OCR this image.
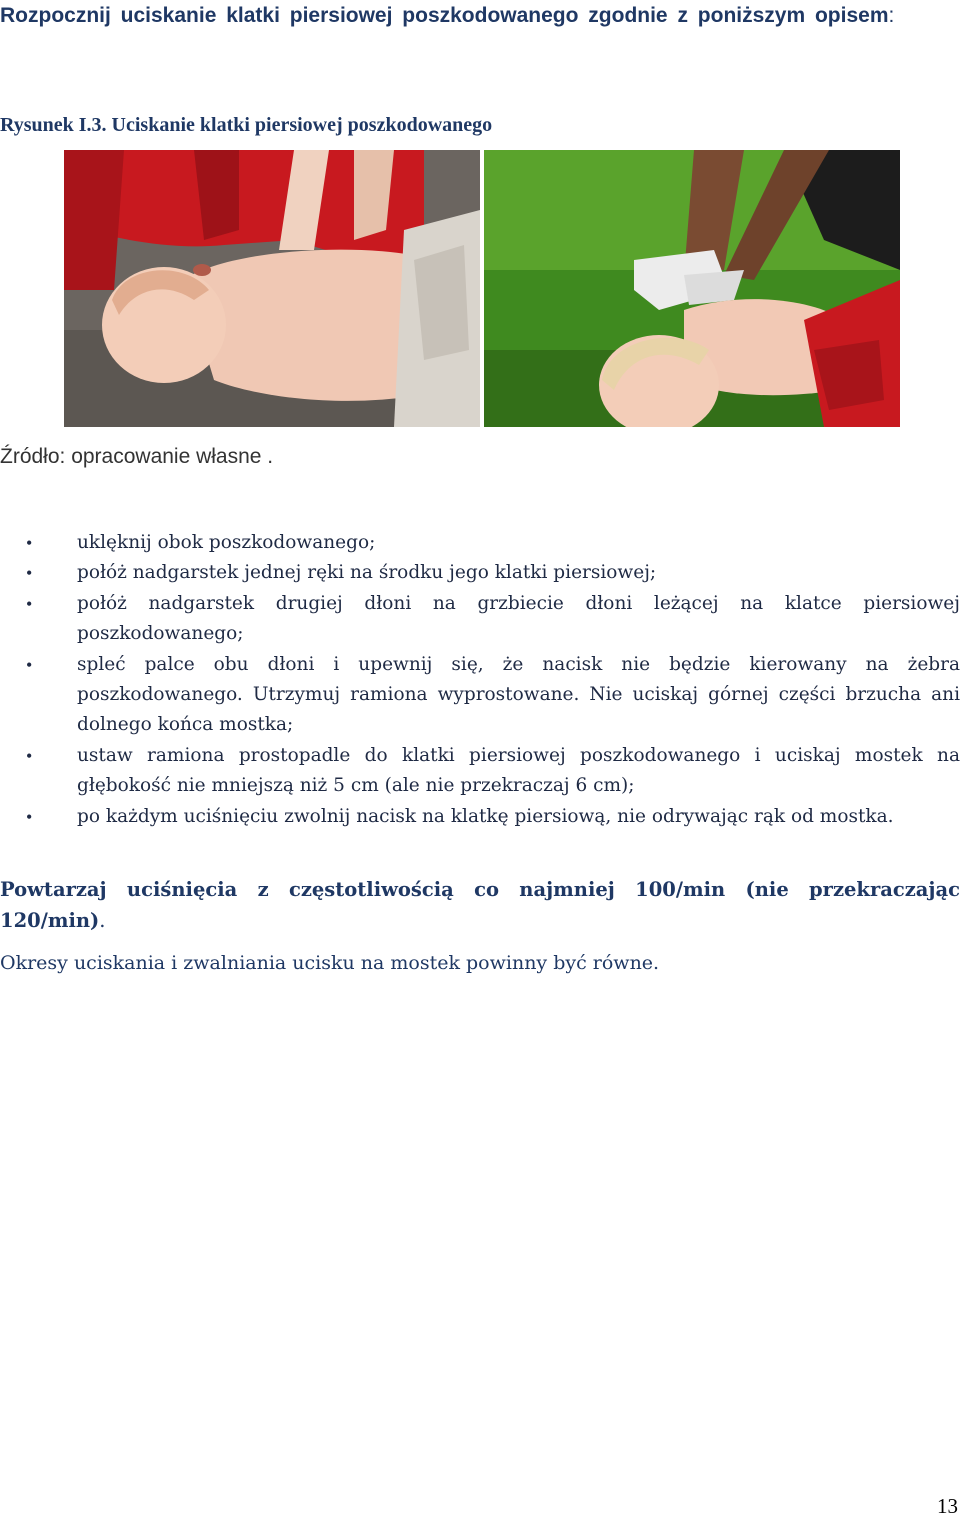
Rozpocznij uciskanie klatki piersiowej poszkodowanego zgodnie z poniższym opisem:

Rysunek I.3. Uciskanie klatki piersiowej poszkodowanego

Źródło: opracowanie własne .

• uklęknij obok poszkodowanego;
• połóż nadgarstek jednej ręki na środku jego klatki piersiowej;
• połóż nadgarstek drugiej dłoni na grzbiecie dłoni leżącej na klatce piersiowej poszkodowanego;
• spleć palce obu dłoni i upewnij się, że nacisk nie będzie kierowany na żebra poszkodowanego. Utrzymuj ramiona wyprostowane. Nie uciskaj górnej części brzucha ani dolnego końca mostka;
• ustaw ramiona prostopadle do klatki piersiowej poszkodowanego i uciskaj mostek na głębokość nie mniejszą niż 5 cm (ale nie przekraczaj 6 cm);
• po każdym uciśnięciu zwolnij nacisk na klatkę piersiową, nie odrywając rąk od mostka.

Powtarzaj uciśnięcia z częstotliwością co najmniej 100/min (nie przekraczając 120/min).

Okresy uciskania i zwalniania ucisku na mostek powinny być równe.

13
